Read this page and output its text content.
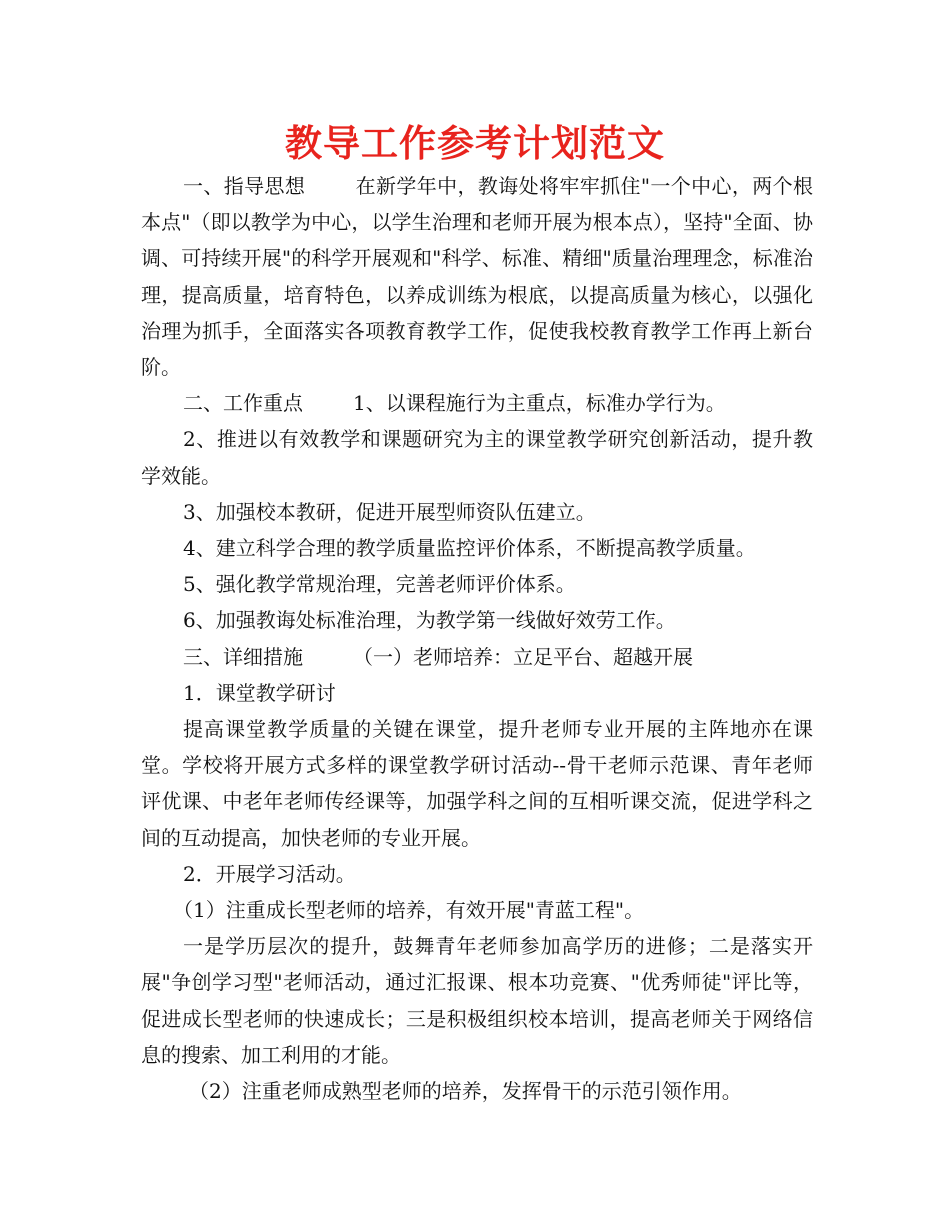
教导工作参考计划范文

一、指导思想	在新学年中，教诲处将牢牢抓住"一个中心，两个根本点"（即以教学为中心，以学生治理和老师开展为根本点），坚持"全面、协调、可持续开展"的科学开展观和"科学、标准、精细"质量治理理念，标准治理，提高质量，培育特色，以养成训练为根底，以提高质量为核心，以强化治理为抓手，全面落实各项教育教学工作，促使我校教育教学工作再上新台阶。

二、工作重点	1、以课程施行为主重点，标准办学行为。

2、推进以有效教学和课题研究为主的课堂教学研究创新活动，提升教学效能。

3、加强校本教研，促进开展型师资队伍建立。

4、建立科学合理的教学质量监控评价体系，不断提高教学质量。

5、强化教学常规治理，完善老师评价体系。

6、加强教诲处标准治理，为教学第一线做好效劳工作。

三、详细措施	（一）老师培养：立足平台、超越开展

1．课堂教学研讨

提高课堂教学质量的关键在课堂，提升老师专业开展的主阵地亦在课堂。学校将开展方式多样的课堂教学研讨活动--骨干老师示范课、青年老师评优课、中老年老师传经课等，加强学科之间的互相听课交流，促进学科之间的互动提高，加快老师的专业开展。

2．开展学习活动。

（1）注重成长型老师的培养，有效开展"青蓝工程"。

一是学历层次的提升，鼓舞青年老师参加高学历的进修；二是落实开展"争创学习型"老师活动，通过汇报课、根本功竞赛、"优秀师徒"评比等，促进成长型老师的快速成长；三是积极组织校本培训，提高老师关于网络信息的搜索、加工利用的才能。

（2）注重老师成熟型老师的培养，发挥骨干的示范引领作用。
